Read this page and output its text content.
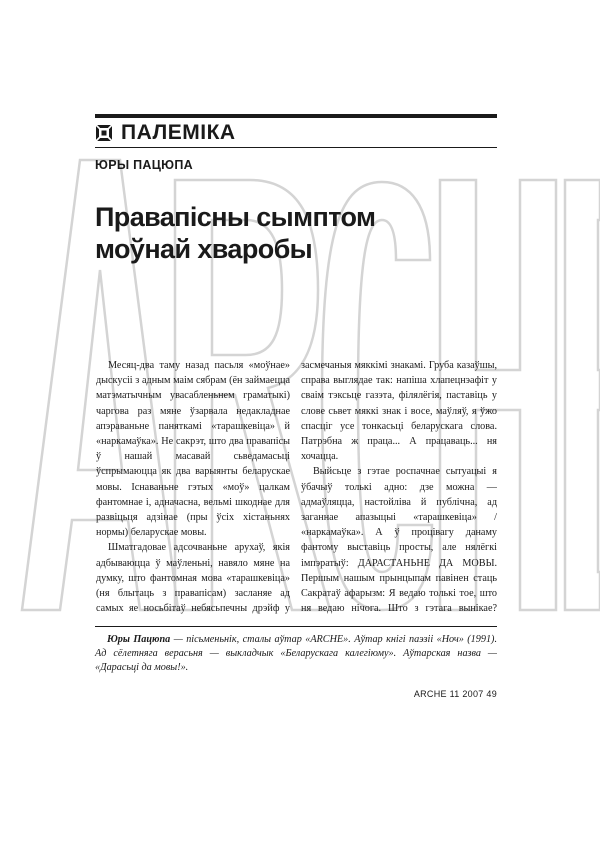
ПАЛЕМІКА
ЮРЫ ПАЦЮПА
Правапісны сымптом
моўнай хваробы

Месяц-два таму назад пасьля «моўнае» дыскусіі з адным маім сябрам (ён займаецца матэматычным увасабленьнем граматыкі) чаргова раз мяне ўзарвала недакладнае апэраваньне паняткамі «тарашкевіца» й «наркамаўка». Не сакрэт, што два правапісы ў нашай масавай сьведамасьці ўспрымаюцца як два варыянты беларускае мовы. Існаваньне гэтых «моў» цалкам фантомнае і, адначасна, вельмі шкоднае для развіцьця адзінае (пры ўсіх хістаньнях нормы) беларускае мовы.

Шматгадовае адсочваньне арухаў, якія адбываюцца ў маўленьні, навяло мяне на думку, што фантомная мова «тарашкевіца» (ня блытаць з правапісам) засланяе ад самых яе носьбітаў небясьпечны дрэйф у

засмечаныя мяккімі знакамі. Груба казаўшы, справа выглядае так: напіша хлапецнэафіт у сваім тэксьце газэта, філялёгія, паставіць у слове сьвет мяккі знак і восе, маўляў, я ўжо спасціг усе тонкасьці беларускага слова. Патрэбна ж праца... А працаваць... ня хочацца.

Выйсьце з гэтае роспачнае сытуацыі я ўбачыў толькі адно: дзе можна — адмаўляцца, настойліва й публічна, ад заганнае апазыцыі «тарашкевіца» / «наркамаўка». А ў процівагу данаму фантому выставіць просты, але нялёгкі імпэратыў: ДАРАСТАНЬНЕ ДА МОВЫ. Першым нашым прынцыпам павінен стаць Сакратаў афарызм: Я ведаю толькі тое, што ня ведаю нічога. Што з гэтага вынікае?

Юры Пацюпа — пісьменьнік, сталы аўтар «ARCHE». Аўтар кнігі паэзіі «Ноч» (1991). Ад сёлетняга верасьня — выкладчык «Беларускага калегіюму». Аўтарская назва — «Дарасьці да мовы!».

ARCHE 11 2007 49
